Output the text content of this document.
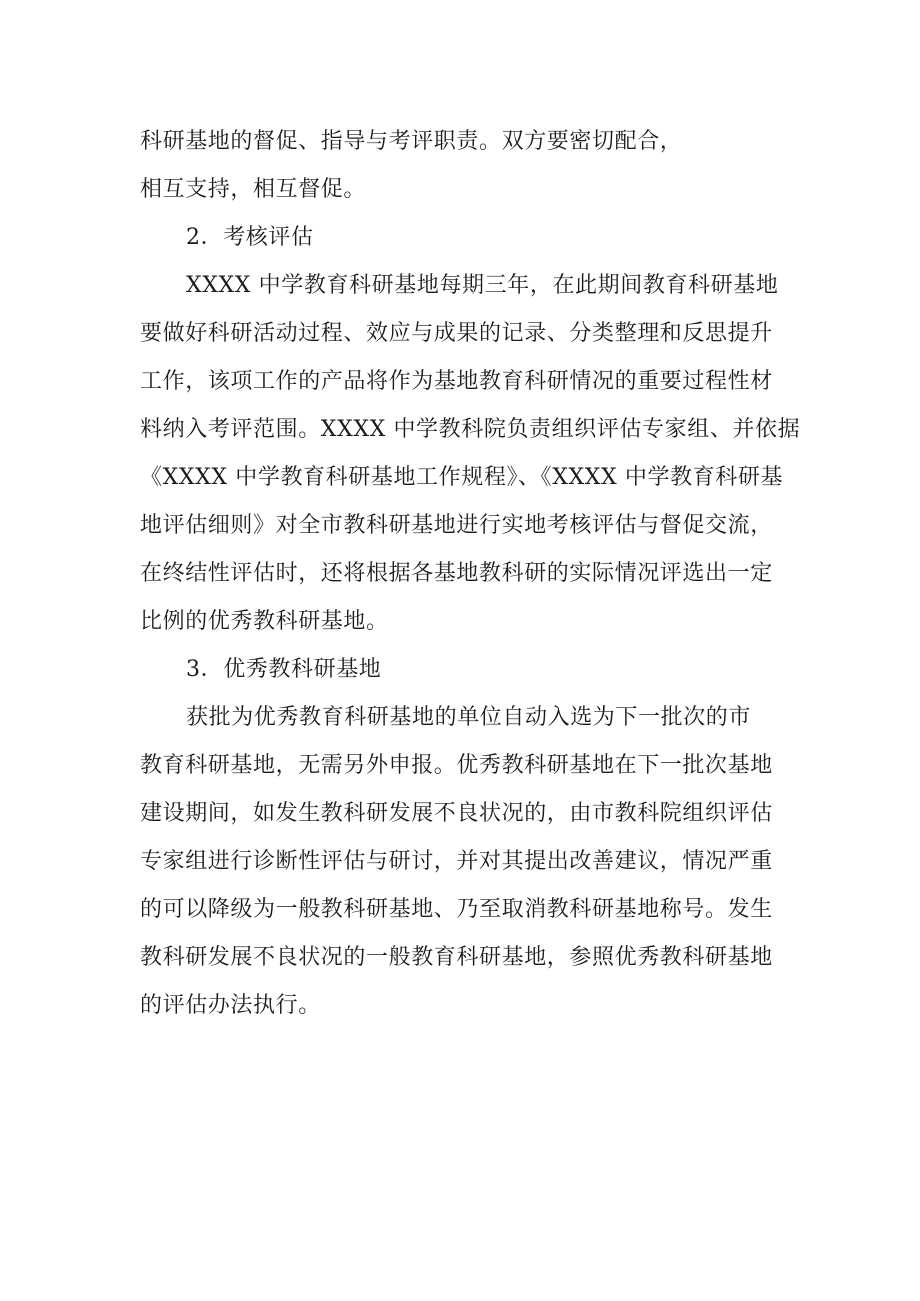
科研基地的督促、指导与考评职责。双方要密切配合，
相互支持，相互督促。
2．考核评估
XXXX 中学教育科研基地每期三年，在此期间教育科研基地
要做好科研活动过程、效应与成果的记录、分类整理和反思提升
工作，该项工作的产品将作为基地教育科研情况的重要过程性材
料纳入考评范围。XXXX 中学教科院负责组织评估专家组、并依据
《XXXX 中学教育科研基地工作规程》、《XXXX 中学教育科研基
地评估细则》对全市教科研基地进行实地考核评估与督促交流，
在终结性评估时，还将根据各基地教科研的实际情况评选出一定
比例的优秀教科研基地。
3．优秀教科研基地
获批为优秀教育科研基地的单位自动入选为下一批次的市
教育科研基地，无需另外申报。优秀教科研基地在下一批次基地
建设期间，如发生教科研发展不良状况的，由市教科院组织评估
专家组进行诊断性评估与研讨，并对其提出改善建议，情况严重
的可以降级为一般教科研基地、乃至取消教科研基地称号。发生
教科研发展不良状况的一般教育科研基地，参照优秀教科研基地
的评估办法执行。
